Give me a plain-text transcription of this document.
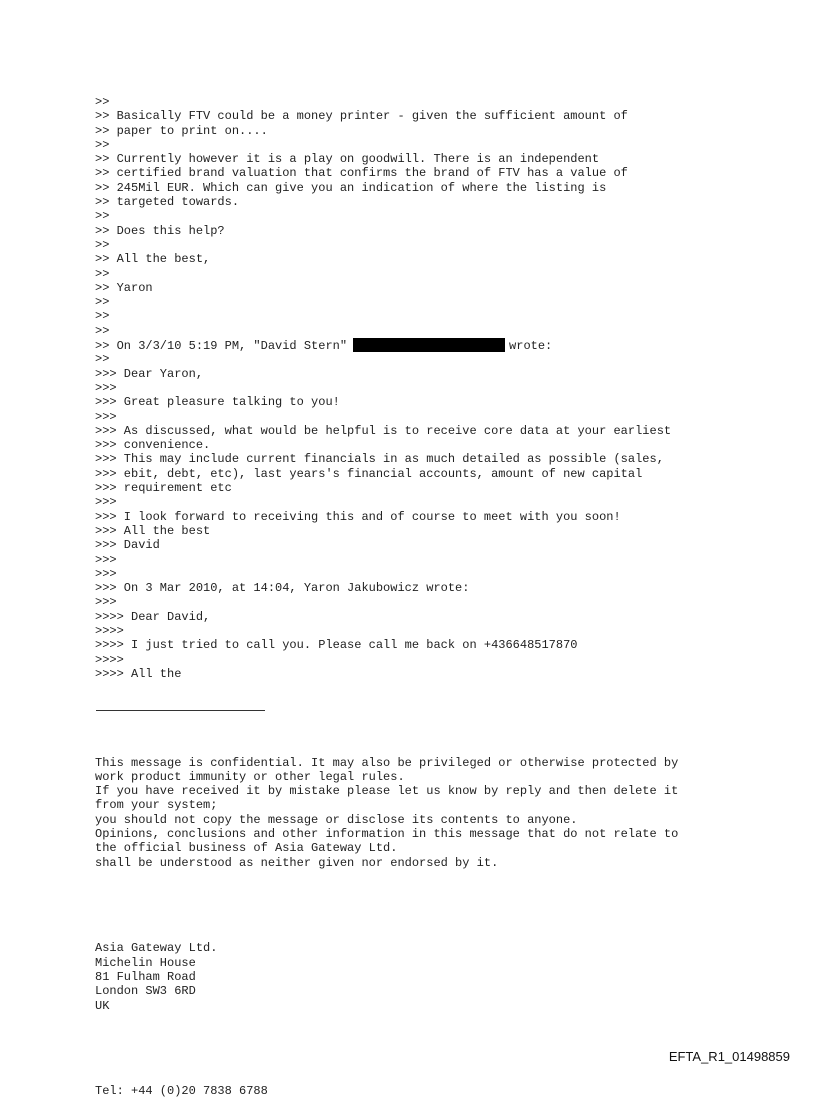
>>
>> Basically FTV could be a money printer - given the sufficient amount of
>> paper to print on....
>>
>> Currently however it is a play on goodwill. There is an independent
>> certified brand valuation that confirms the brand of FTV has a value of
>> 245Mil EUR. Which can give you an indication of where the listing is
>> targeted towards.
>>
>> Does this help?
>>
>> All the best,
>>
>> Yaron
>>
>>
>>
>> On 3/3/10 5:19 PM, "David Stern"	wrote:
>>
>>> Dear Yaron,
>>>
>>> Great pleasure talking to you!
>>>
>>> As discussed, what would be helpful is to receive core data at your earliest
>>> convenience.
>>> This may include current financials in as much detailed as possible (sales,
>>> ebit, debt, etc), last years's financial accounts, amount of new capital
>>> requirement etc
>>>
>>> I look forward to receiving this and of course to meet with you soon!
>>> All the best
>>> David
>>>
>>>
>>> On 3 Mar 2010, at 14:04, Yaron Jakubowicz wrote:
>>>
>>>> Dear David,
>>>>
>>>> I just tried to call you. Please call me back on +436648517870
>>>>
>>>> All the

This message is confidential. It may also be privileged or otherwise protected by
work product immunity or other legal rules.
If you have received it by mistake please let us know by reply and then delete it
from your system;
you should not copy the message or disclose its contents to anyone.
Opinions, conclusions and other information in this message that do not relate to
the official business of Asia Gateway Ltd.
shall be understood as neither given nor endorsed by it.

Asia Gateway Ltd.
Michelin House
81 Fulham Road
London SW3 6RD
UK

Tel: +44 (0)20 7838 6788

EFTA_R1_01498859
